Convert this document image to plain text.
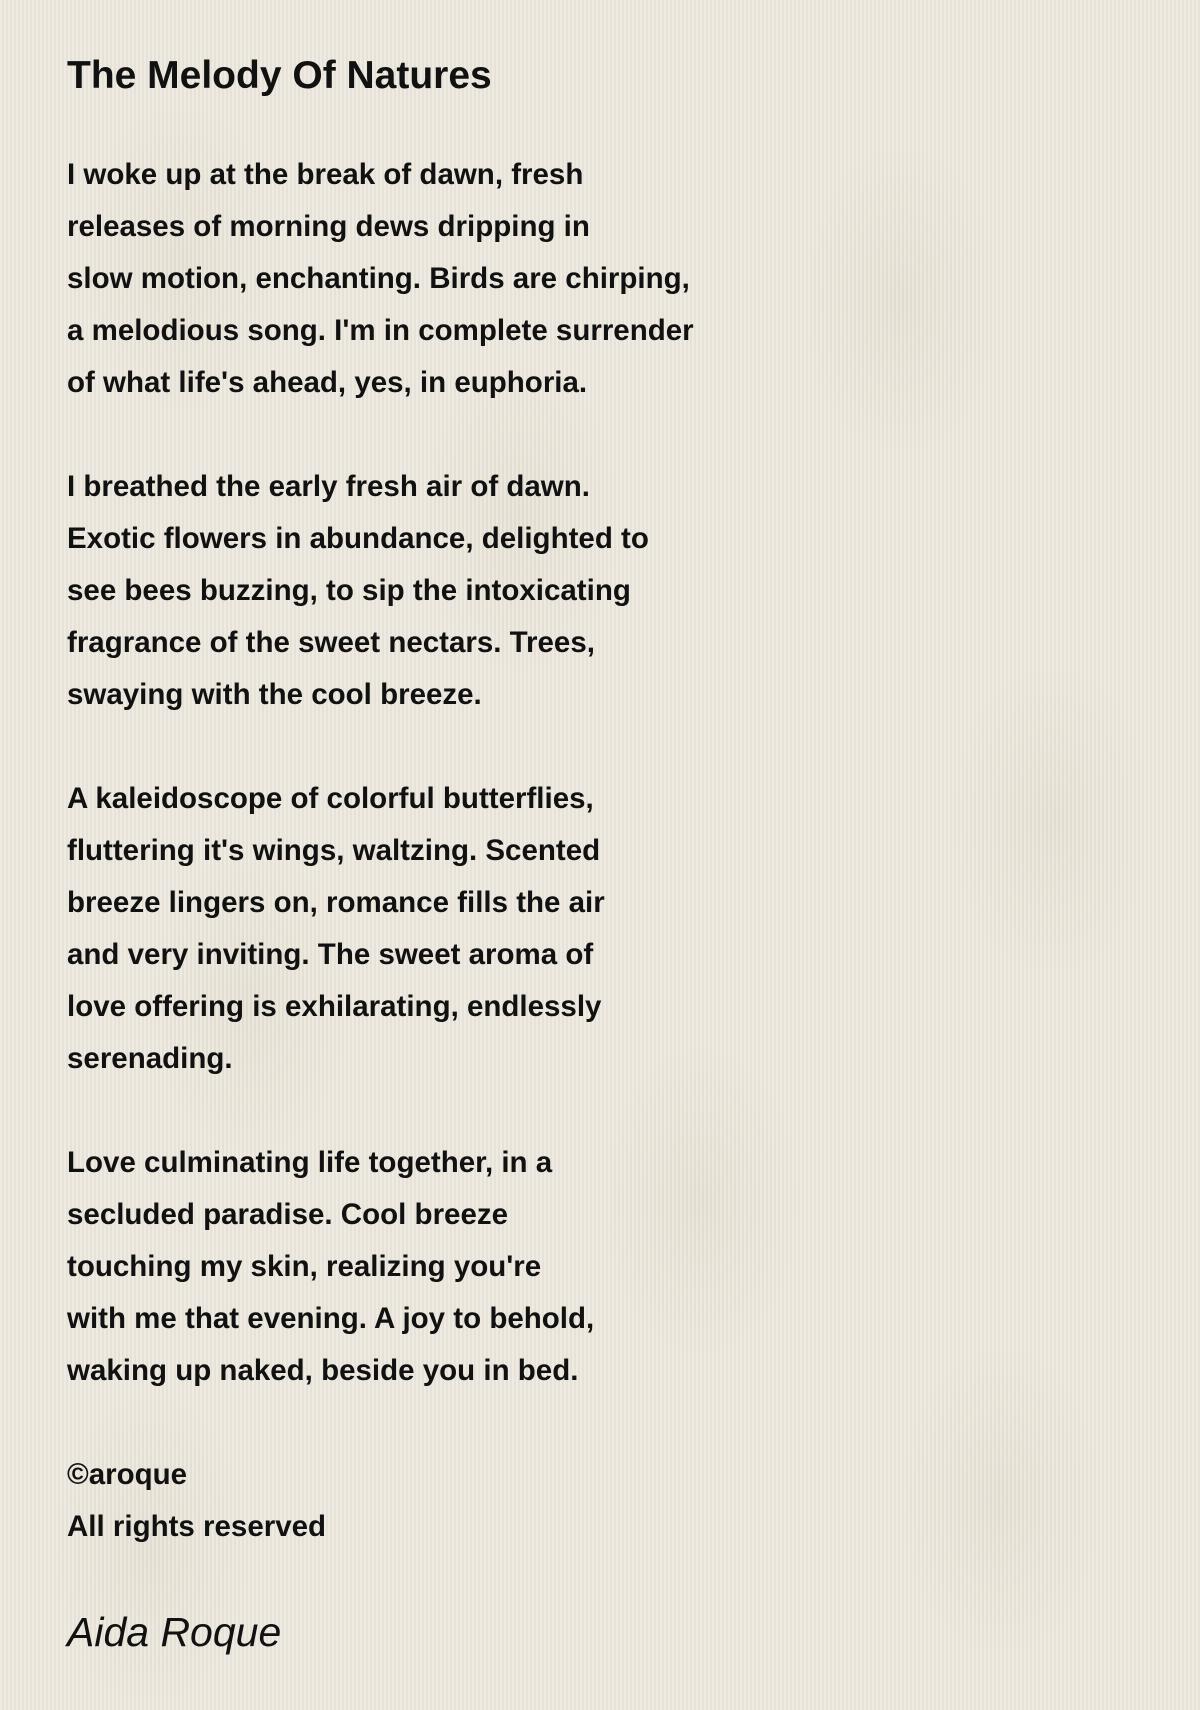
The Melody Of Natures
I woke up at the break of dawn, fresh
releases of morning dews dripping in
slow motion, enchanting. Birds are chirping,
a melodious song. I'm in complete surrender
of what life's ahead, yes, in euphoria.
I breathed the early fresh air of dawn.
Exotic flowers in abundance, delighted to
see bees buzzing, to sip the intoxicating
fragrance of the sweet nectars. Trees,
swaying with the cool breeze.
A kaleidoscope of colorful butterflies,
fluttering it's wings, waltzing. Scented
breeze lingers on, romance fills the air
and very inviting. The sweet aroma of
love offering is exhilarating, endlessly
serenading.
Love culminating life together, in a
secluded paradise. Cool breeze
touching my skin, realizing you're
with me that evening. A joy to behold,
waking up naked, beside you in bed.
©aroque
All rights reserved
Aida Roque
